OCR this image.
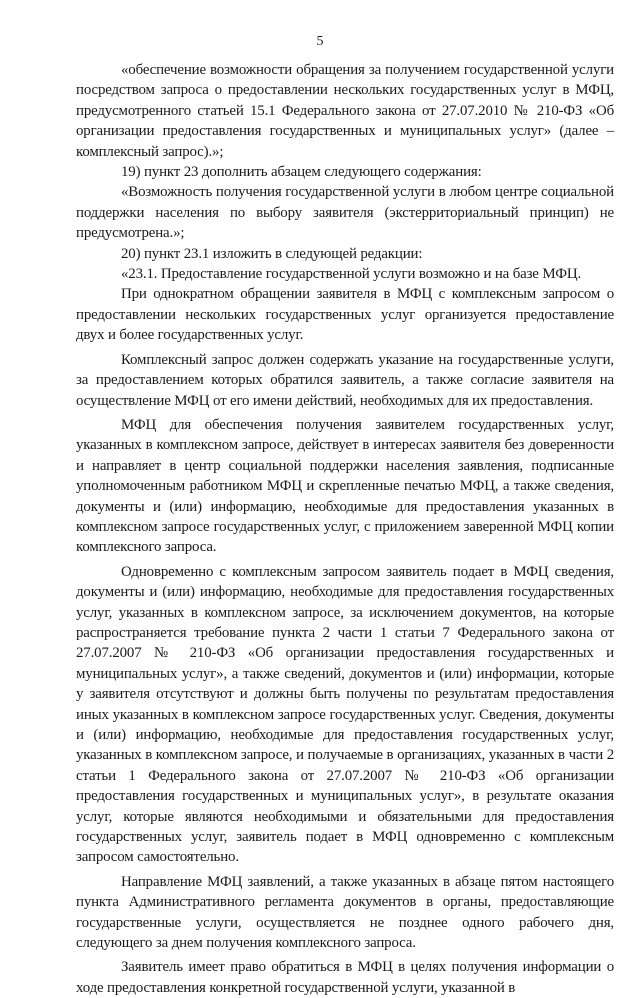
5

«обеспечение возможности обращения за получением государственной услуги посредством запроса о предоставлении нескольких государственных услуг в МФЦ, предусмотренного статьей 15.1 Федерального закона от 27.07.2010 № 210-ФЗ «Об организации предоставления государственных и муниципальных услуг» (далее – комплексный запрос).»;

19) пункт 23 дополнить абзацем следующего содержания:

«Возможность получения государственной услуги в любом центре социальной поддержки населения по выбору заявителя (экстерриториальный принцип) не предусмотрена.»;

20) пункт 23.1 изложить в следующей редакции:

«23.1. Предоставление государственной услуги возможно и на базе МФЦ.

При однократном обращении заявителя в МФЦ с комплексным запросом о предоставлении нескольких государственных услуг организуется предоставление двух и более государственных услуг.

Комплексный запрос должен содержать указание на государственные услуги, за предоставлением которых обратился заявитель, а также согласие заявителя на осуществление МФЦ от его имени действий, необходимых для их предоставления.

МФЦ для обеспечения получения заявителем государственных услуг, указанных в комплексном запросе, действует в интересах заявителя без доверенности и направляет в центр социальной поддержки населения заявления, подписанные уполномоченным работником МФЦ и скрепленные печатью МФЦ, а также сведения, документы и (или) информацию, необходимые для предоставления указанных в комплексном запросе государственных услуг, с приложением заверенной МФЦ копии комплексного запроса.

Одновременно с комплексным запросом заявитель подает в МФЦ сведения, документы и (или) информацию, необходимые для предоставления государственных услуг, указанных в комплексном запросе, за исключением документов, на которые распространяется требование пункта 2 части 1 статьи 7 Федерального закона от 27.07.2007 № 210-ФЗ «Об организации предоставления государственных и муниципальных услуг», а также сведений, документов и (или) информации, которые у заявителя отсутствуют и должны быть получены по результатам предоставления иных указанных в комплексном запросе государственных услуг. Сведения, документы и (или) информацию, необходимые для предоставления государственных услуг, указанных в комплексном запросе, и получаемые в организациях, указанных в части 2 статьи 1 Федерального закона от 27.07.2007 № 210-ФЗ «Об организации предоставления государственных и муниципальных услуг», в результате оказания услуг, которые являются необходимыми и обязательными для предоставления государственных услуг, заявитель подает в МФЦ одновременно с комплексным запросом самостоятельно.

Направление МФЦ заявлений, а также указанных в абзаце пятом настоящего пункта Административного регламента документов в органы, предоставляющие государственные услуги, осуществляется не позднее одного рабочего дня, следующего за днем получения комплексного запроса.

Заявитель имеет право обратиться в МФЦ в целях получения информации о ходе предоставления конкретной государственной услуги, указанной в
